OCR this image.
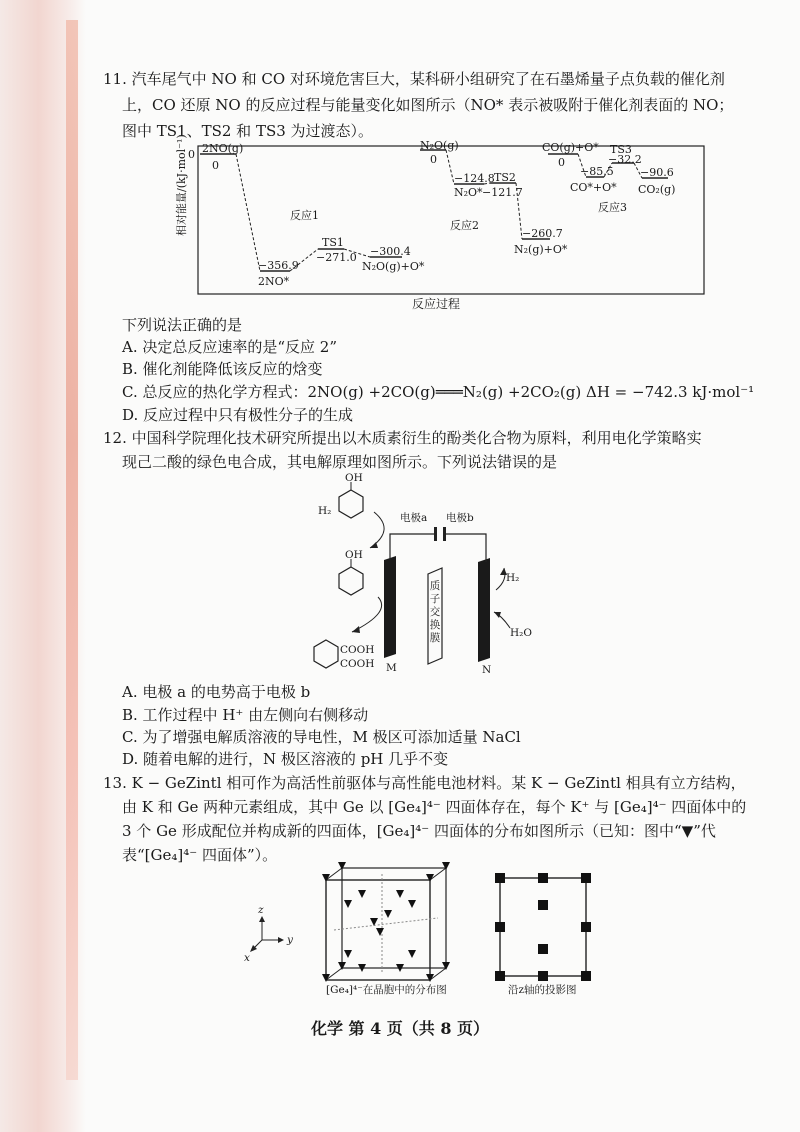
11. 汽车尾气中 NO 和 CO 对环境危害巨大，某科研小组研究了在石墨烯量子点负载的催化剂
上，CO 还原 NO 的反应过程与能量变化如图所示（NO* 表示被吸附于催化剂表面的 NO；
图中 TS1、TS2 和 TS3 为过渡态）。
相对能量/(kJ·mol⁻¹) 0 2NO(g)
0
反应1
−356.9
2NO*
TS1
−271.0 −300.4
N₂O(g)+O*
N₂O(g)
0
−124.8 TS2
−121.7
N₂O*
反应2
−260.7
N₂(g)+O*
CO(g)+O*
0
−85.5
CO*+O*
TS3
−32.2
−90.6
CO₂(g)
反应3
反应过程
下列说法正确的是
A. 决定总反应速率的是“反应 2”
B. 催化剂能降低该反应的焓变
C. 总反应的热化学方程式：2NO(g) +2CO(g)═══N₂(g) +2CO₂(g) ΔH = −742.3 kJ·mol⁻¹
D. 反应过程中只有极性分子的生成
12. 中国科学院理化技术研究所提出以木质素衍生的酚类化合物为原料，利用电化学策略实
现己二酸的绿色电合成，其电解原理如图所示。下列说法错误的是
OH
H₂
OH
COOH
COOH
电极a 电极b
质子交换膜
M	N
H₂
H₂O
A. 电极 a 的电势高于电极 b
B. 工作过程中 H⁺ 由左侧向右侧移动
C. 为了增强电解质溶液的导电性，M 极区可添加适量 NaCl
D. 随着电解的进行，N 极区溶液的 pH 几乎不变
13. K − GeZintl 相可作为高活性前驱体与高性能电池材料。某 K − GeZintl 相具有立方结构，
由 K 和 Ge 两种元素组成，其中 Ge 以 [Ge₄]⁴⁻ 四面体存在，每个 K⁺ 与 [Ge₄]⁴⁻ 四面体中的
3 个 Ge 形成配位并构成新的四面体，[Ge₄]⁴⁻ 四面体的分布如图所示（已知：图中“▼”代
表“[Ge₄]⁴⁻ 四面体”）。
z
y
x
[Ge₄]⁴⁻在晶胞中的分布图	沿z轴的投影图
化学 第 4 页（共 8 页）
